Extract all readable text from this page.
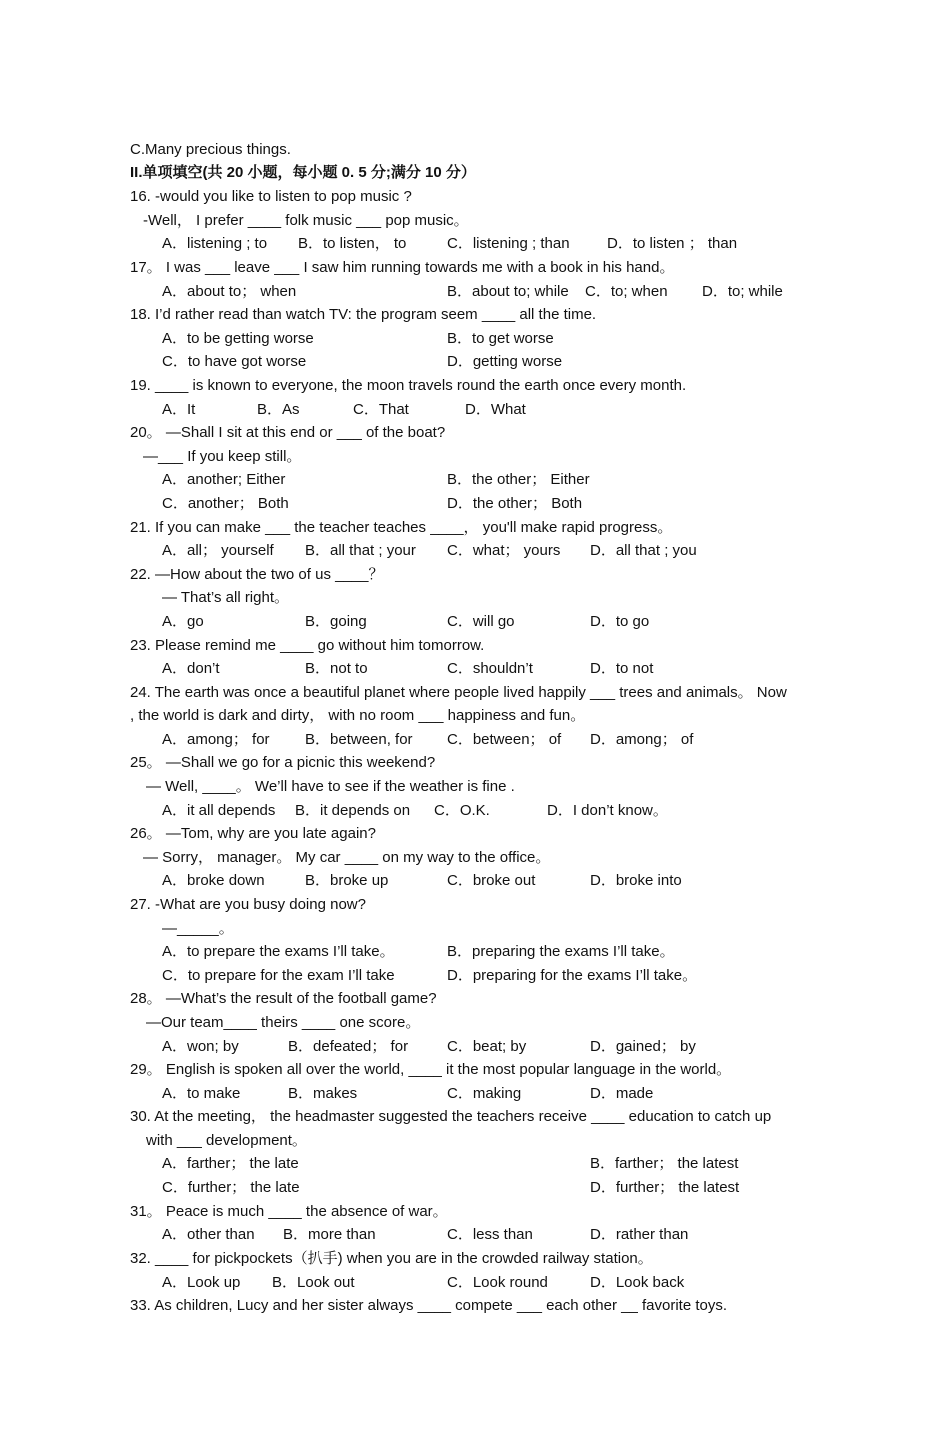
C.Many precious things.
II.单项填空(共 20 小题，每小题 0. 5 分;满分 10 分）
16. -would you like to listen to pop music ?
-Well， I prefer ____ folk music ___ pop music。
A．listening ; to B．to listen， to	C．listening ; than D．to listen ； than
17。 I was ___ leave ___ I saw him running towards me with a book in his hand。
A．about to； when	B．about to; while C．to; when D．to; while
18. I’d rather read than watch TV: the program seem ____ all the time.
A．to be getting worse	B．to get worse
C．to have got worse	D．getting worse
19. ____ is known to everyone, the moon travels round the earth once every month.
A．It	B．As	C．That	D．What
20。 —Shall I sit at this end or ___ of the boat?
—___ If you keep still。
A．another; Either	B．the other； Either
C．another； Both	D．the other； Both
21. If you can make ___ the teacher teaches ____， you'll make rapid progress。
A．all； yourself B．all that ; your C．what； yours D．all that ; you
22. —How about the two of us ____？
— That’s all right。
A．go	B．going	C．will go	D．to go
23. Please remind me ____ go without him tomorrow.
A．don’t	B．not to	C．shouldn’t	D．to not
24. The earth was once a beautiful planet where people lived happily ___ trees and animals。 Now
, the world is dark and dirty， with no room ___ happiness and fun。
A．among； for B．between, for C．between； of D．among； of
25。 —Shall we go for a picnic this weekend?
— Well, ____。 We’ll have to see if the weather is fine .
A．it all depends B．it depends on C．O.K.	D．I don’t know。
26。 —Tom, why are you late again?
— Sorry， manager。 My car ____ on my way to the office。
A．broke down	B．broke up	C．broke out	D．broke into
27. -What are you busy doing now?
—_____。
A．to prepare the exams I’ll take。	B．preparing the exams I’ll take。
C．to prepare for the exam I’ll take	D．preparing for the exams I’ll take。
28。 —What’s the result of the football game?
—Our team____ theirs ____ one score。
A．won; by	B．defeated； for	C．beat; by	D．gained； by
29。 English is spoken all over the world, ____ it the most popular language in the world。
A．to make	B．makes	C．making	D．made
30. At the meeting， the headmaster suggested the teachers receive ____ education to catch up
with ___ development。
A．farther； the late	B．farther； the latest
C．further； the late	D．further； the latest
31。 Peace is much ____ the absence of war。
A．other than B．more than	C．less than	D．rather than
32. ____ for pickpockets（扒手) when you are in the crowded railway station。
A．Look up B．Look out	C．Look round	D．Look back
33. As children, Lucy and her sister always ____ compete ___ each other __ favorite toys.
